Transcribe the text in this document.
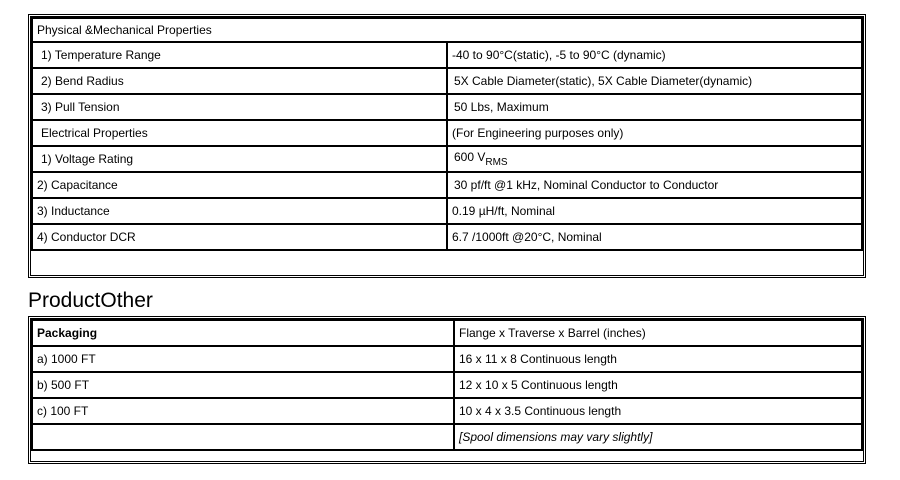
Physical &Mechanical Properties	
1) Temperature Range	-40 to 90°C(static), -5 to 90°C (dynamic)
2) Bend Radius	5X Cable Diameter(static), 5X Cable Diameter(dynamic)
3) Pull Tension	50 Lbs, Maximum
Electrical Properties	(For Engineering purposes only)
1) Voltage Rating	600 $V_{RMS}$
2) Capacitance	30 pf/ft @1 kHz, Nominal Conductor to Conductor
3) Inductance	0.19 µH/ft, Nominal
4) Conductor DCR	6.7 /1000ft @20°C, Nominal
ProductOther
Packaging	Flange x Traverse x Barrel (inches)
a) 1000 FT	16 x 11 x 8 Continuous length
b) 500 FT	12 x 10 x 5 Continuous length
c) 100 FT	10 x 4 x 3.5 Continuous length
	[Spool dimensions may vary slightly]
